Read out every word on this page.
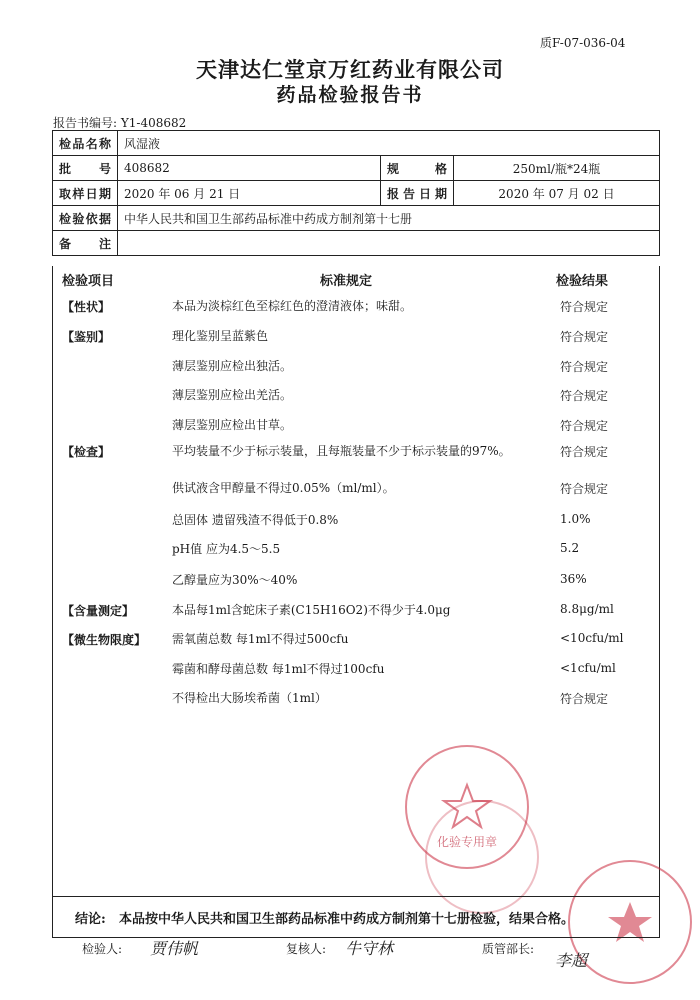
质F-07-036-04
天津达仁堂京万红药业有限公司
药品检验报告书
报告书编号: Y1-408682
检品名称	风湿液		
批号	408682	规格	250ml/瓶*24瓶
取样日期	2020 年 06 月 21 日	报告日期	2020 年 07 月 02 日
检验依据	中华人民共和国卫生部药品标准中药成方制剂第十七册		
备注			
检验项目	标准规定	检验结果
【性状】	本品为淡棕红色至棕红色的澄清液体；味甜。	符合规定
【鉴别】	理化鉴别呈蓝紫色	符合规定
薄层鉴别应检出独活。	符合规定
薄层鉴别应检出羌活。	符合规定
薄层鉴别应检出甘草。	符合规定
【检查】	平均装量不少于标示装量，且每瓶装量不少于标示装量的97%。	符合规定
供试液含甲醇量不得过0.05%（ml/ml）。	符合规定
总固体 遗留残渣不得低于0.8%	1.0%
pH值 应为4.5～5.5	5.2
乙醇量应为30%～40%	36%
【含量测定】	本品每1ml含蛇床子素(C15H16O2)不得少于4.0μg	8.8μg/ml
【微生物限度】	需氧菌总数 每1ml不得过500cfu	<10cfu/ml
霉菌和酵母菌总数 每1ml不得过100cfu	<1cfu/ml
不得检出大肠埃希菌（1ml）	符合规定
化验专用章
结论: 本品按中华人民共和国卫生部药品标准中药成方制剂第十七册检验，结果合格。
检验人: 贾伟帆	复核人: 牛守林	质管部长:
李超
